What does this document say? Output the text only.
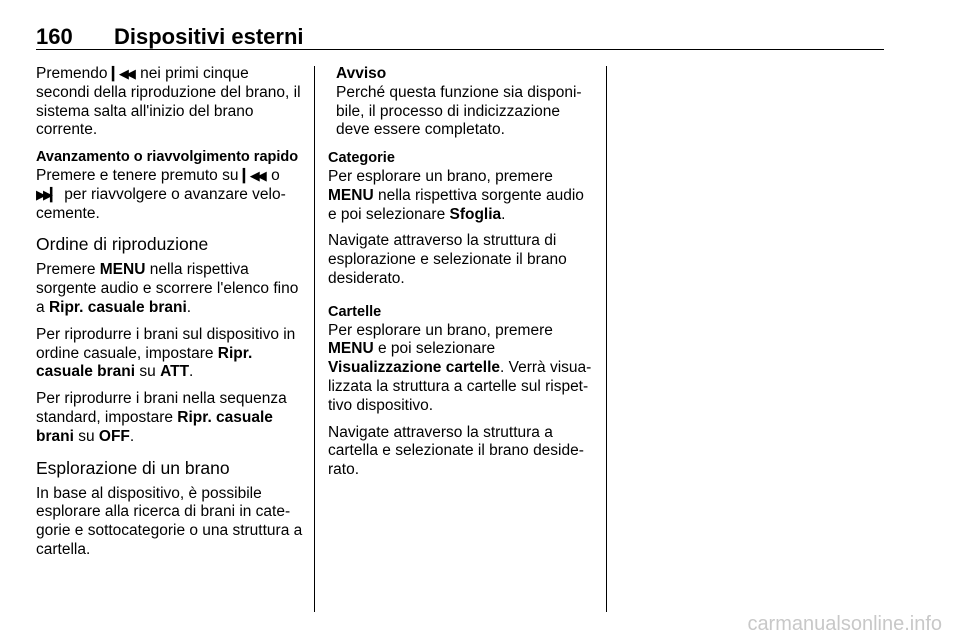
160 Dispositivi esterni

Premendo ▎◀◀ nei primi cinque secondi della riproduzione del brano, il sistema salta all'inizio del brano corrente.

Avanzamento o riavvolgimento rapido

Premere e tenere premuto su ▎◀◀ o
▶▶▎ per riavvolgere o avanzare velocemente.

Ordine di riproduzione

Premere MENU nella rispettiva sorgente audio e scorrere l'elenco fino a Ripr. casuale brani.

Per riprodurre i brani sul dispositivo in ordine casuale, impostare Ripr. casuale brani su ATT.

Per riprodurre i brani nella sequenza standard, impostare Ripr. casuale brani su OFF.

Esplorazione di un brano

In base al dispositivo, è possibile esplorare alla ricerca di brani in categorie e sottocategorie o una struttura a cartella.

Avviso
Perché questa funzione sia disponibile, il processo di indicizzazione deve essere completato.

Categorie

Per esplorare un brano, premere MENU nella rispettiva sorgente audio e poi selezionare Sfoglia.

Navigate attraverso la struttura di esplorazione e selezionate il brano desiderato.

Cartelle

Per esplorare un brano, premere MENU e poi selezionare Visualizzazione cartelle. Verrà visualizzata la struttura a cartelle sul rispettivo dispositivo.

Navigate attraverso la struttura a cartella e selezionate il brano desiderato.

carmanualsonline.info
